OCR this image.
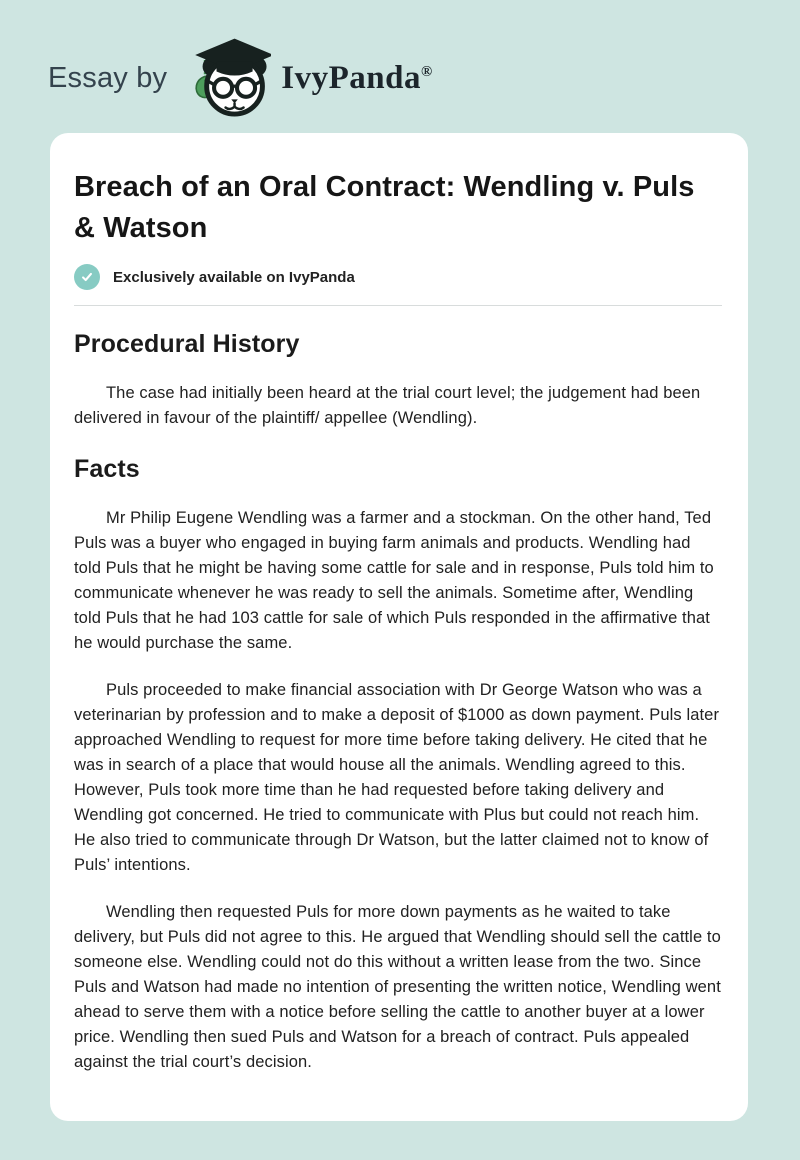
Essay by	IvyPanda®
Breach of an Oral Contract: Wendling v. Puls & Watson
Exclusively available on IvyPanda
Procedural History

The case had initially been heard at the trial court level; the judgement had been delivered in favour of the plaintiff/ appellee (Wendling).

Facts

Mr Philip Eugene Wendling was a farmer and a stockman. On the other hand, Ted Puls was a buyer who engaged in buying farm animals and products. Wendling had told Puls that he might be having some cattle for sale and in response, Puls told him to communicate whenever he was ready to sell the animals. Sometime after, Wendling told Puls that he had 103 cattle for sale of which Puls responded in the affirmative that he would purchase the same.

Puls proceeded to make financial association with Dr George Watson who was a veterinarian by profession and to make a deposit of $1000 as down payment. Puls later approached Wendling to request for more time before taking delivery. He cited that he was in search of a place that would house all the animals. Wendling agreed to this. However, Puls took more time than he had requested before taking delivery and Wendling got concerned. He tried to communicate with Plus but could not reach him. He also tried to communicate through Dr Watson, but the latter claimed not to know of Puls’ intentions.

Wendling then requested Puls for more down payments as he waited to take delivery, but Puls did not agree to this. He argued that Wendling should sell the cattle to someone else. Wendling could not do this without a written lease from the two. Since Puls and Watson had made no intention of presenting the written notice, Wendling went ahead to serve them with a notice before selling the cattle to another buyer at a lower price. Wendling then sued Puls and Watson for a breach of contract. Puls appealed against the trial court’s decision.
